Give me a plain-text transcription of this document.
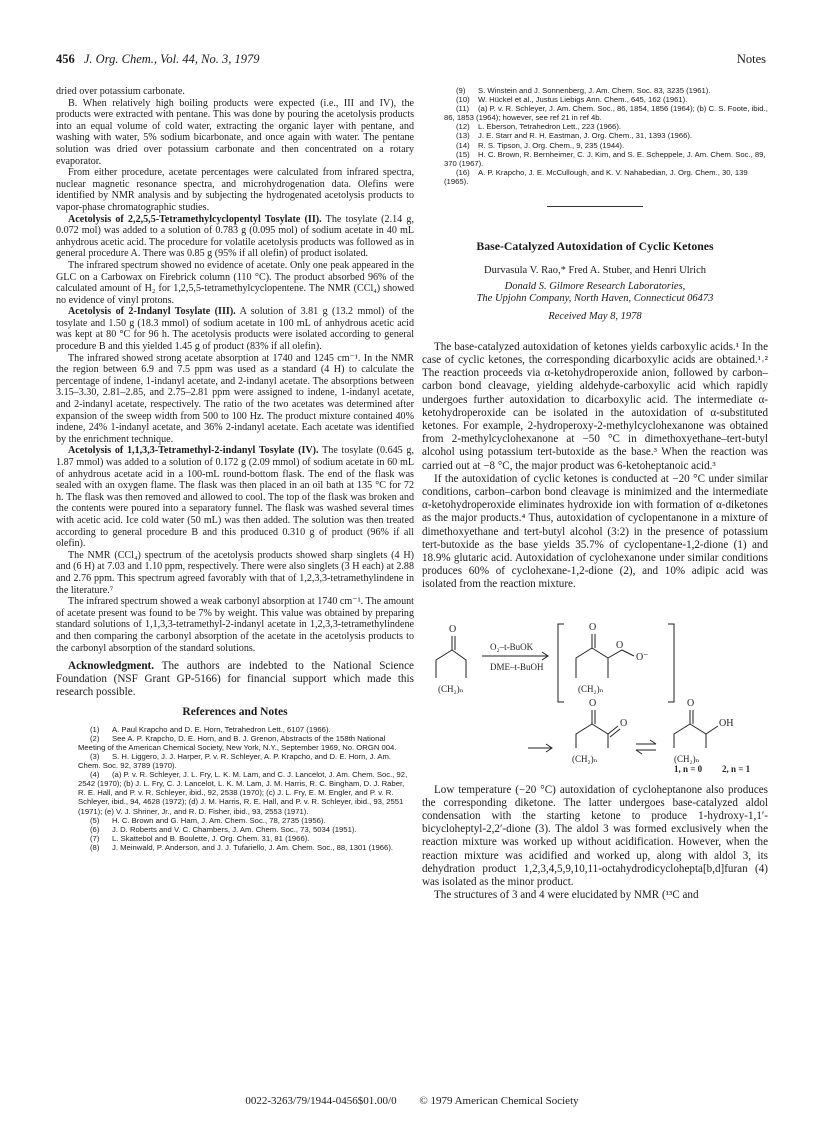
456 J. Org. Chem., Vol. 44, No. 3, 1979	Notes

dried over potassium carbonate.

B. When relatively high boiling products were expected (i.e., III and IV), the products were extracted with pentane. This was done by pouring the acetolysis products into an equal volume of cold water, extracting the organic layer with pentane, and washing with water, 5% sodium bicarbonate, and once again with water. The pentane solution was dried over potassium carbonate and then concentrated on a rotary evaporator.

From either procedure, acetate percentages were calculated from infrared spectra, nuclear magnetic resonance spectra, and microhydrogenation data. Olefins were identified by NMR analysis and by subjecting the hydrogenated acetolysis products to vapor-phase chromatographic studies.

Acetolysis of 2,2,5,5-Tetramethylcyclopentyl Tosylate (II). The tosylate (2.14 g, 0.072 mol) was added to a solution of 0.783 g (0.095 mol) of sodium acetate in 40 mL anhydrous acetic acid. The procedure for volatile acetolysis products was followed as in general procedure A. There was 0.85 g (95% if all olefin) of product isolated.

The infrared spectrum showed no evidence of acetate. Only one peak appeared in the GLC on a Carbowax on Firebrick column (110 °C). The product absorbed 96% of the calculated amount of H₂ for 1,2,5,5-tetramethylcyclopentene. The NMR (CCl₄) showed no evidence of vinyl protons.

Acetolysis of 2-Indanyl Tosylate (III). A solution of 3.81 g (13.2 mmol) of the tosylate and 1.50 g (18.3 mmol) of sodium acetate in 100 mL of anhydrous acetic acid was kept at 80 °C for 96 h. The acetolysis products were isolated according to general procedure B and this yielded 1.45 g of product (83% if all olefin).

The infrared showed strong acetate absorption at 1740 and 1245 cm⁻¹. In the NMR the region between 6.9 and 7.5 ppm was used as a standard (4 H) to calculate the percentage of indene, 1-indanyl acetate, and 2-indanyl acetate. The absorptions between 3.15–3.30, 2.81–2.85, and 2.75–2.81 ppm were assigned to indene, 1-indanyl acetate, and 2-indanyl acetate, respectively. The ratio of the two acetates was determined after expansion of the sweep width from 500 to 100 Hz. The product mixture contained 40% indene, 24% 1-indanyl acetate, and 36% 2-indanyl acetate. Each acetate was identified by the enrichment technique.

Acetolysis of 1,1,3,3-Tetramethyl-2-indanyl Tosylate (IV). The tosylate (0.645 g, 1.87 mmol) was added to a solution of 0.172 g (2.09 mmol) of sodium acetate in 60 mL of anhydrous acetate acid in a 100-mL round-bottom flask. The end of the flask was sealed with an oxygen flame. The flask was then placed in an oil bath at 135 °C for 72 h. The flask was then removed and allowed to cool. The top of the flask was broken and the contents were poured into a separatory funnel. The flask was washed several times with acetic acid. Ice cold water (50 mL) was then added. The solution was then treated according to general procedure B and this produced 0.310 g of product (96% if all olefin).

The NMR (CCl₄) spectrum of the acetolysis products showed sharp singlets (4 H) and (6 H) at 7.03 and 1.10 ppm, respectively. There were also singlets (3 H each) at 2.88 and 2.76 ppm. This spectrum agreed favorably with that of 1,2,3,3-tetramethylindene in the literature.⁷

The infrared spectrum showed a weak carbonyl absorption at 1740 cm⁻¹. The amount of acetate present was found to be 7% by weight. This value was obtained by preparing standard solutions of 1,1,3,3-tetramethyl-2-indanyl acetate in 1,2,3,3-tetramethylindene and then comparing the carbonyl absorption of the acetate in the acetolysis products to the carbonyl absorption of the standard solutions.

Acknowledgment. The authors are indebted to the National Science Foundation (NSF Grant GP-5166) for financial support which made this research possible.

References and Notes

(1) A. Paul Krapcho and D. E. Horn, Tetrahedron Lett., 6107 (1966).

(2) See A. P. Krapcho, D. E. Horn, and B. J. Grenon, Abstracts of the 158th National Meeting of the American Chemical Society, New York, N.Y., September 1969, No. ORGN 004.

(3) S. H. Liggero, J. J. Harper, P. v. R. Schleyer, A. P. Krapcho, and D. E. Horn, J. Am. Chem. Soc. 92, 3789 (1970).

(4) (a) P. v. R. Schleyer, J. L. Fry, L. K. M. Lam, and C. J. Lancelot, J. Am. Chem. Soc., 92, 2542 (1970); (b) J. L. Fry, C. J. Lancelot, L. K. M. Lam, J. M. Harris, R. C. Bingham, D. J. Raber, R. E. Hall, and P. v. R. Schleyer, ibid., 92, 2538 (1970); (c) J. L. Fry, E. M. Engler, and P. v. R. Schleyer, ibid., 94, 4628 (1972); (d) J. M. Harris, R. E. Hall, and P. v. R. Schleyer, ibid., 93, 2551 (1971); (e) V. J. Shriner, Jr., and R. D. Fisher, ibid., 93, 2553 (1971).

(5) H. C. Brown and G. Ham, J. Am. Chem. Soc., 78, 2735 (1956).

(6) J. D. Roberts and V. C. Chambers, J. Am. Chem. Soc., 73, 5034 (1951).

(7) L. Skattebol and B. Boulette, J. Org. Chem. 31, 81 (1966).

(8) J. Meinwald, P. Anderson, and J. J. Tufariello, J. Am. Chem. Soc., 88, 1301 (1966).

(9) S. Winstein and J. Sonnenberg, J. Am. Chem. Soc. 83, 3235 (1961).

(10) W. Hückel et al., Justus Liebigs Ann. Chem., 645, 162 (1961).

(11) (a) P. v. R. Schleyer, J. Am. Chem. Soc., 86, 1854, 1856 (1964); (b) C. S. Foote, ibid., 86, 1853 (1964); however, see ref 21 in ref 4b.

(12) L. Eberson, Tetrahedron Lett., 223 (1966).

(13) J. E. Starr and R. H. Eastman, J. Org. Chem., 31, 1393 (1966).

(14) R. S. Tipson, J. Org. Chem., 9, 235 (1944).

(15) H. C. Brown, R. Bernheimer, C. J. Kim, and S. E. Scheppele, J. Am. Chem. Soc., 89, 370 (1967).

(16) A. P. Krapcho, J. E. McCullough, and K. V. Nahabedian, J. Org. Chem., 30, 139 (1965).

Base-Catalyzed Autoxidation of Cyclic Ketones
Durvasula V. Rao,* Fred A. Stuber, and Henri Ulrich
Donald S. Gilmore Research Laboratories,
The Upjohn Company, North Haven, Connecticut 06473
Received May 8, 1978

The base-catalyzed autoxidation of ketones yields carboxylic acids.¹ In the case of cyclic ketones, the corresponding dicarboxylic acids are obtained.¹˒² The reaction proceeds via α-ketohydroperoxide anion, followed by carbon–carbon bond cleavage, yielding aldehyde-carboxylic acid which rapidly undergoes further autoxidation to dicarboxylic acid. The intermediate α-ketohydroperoxide can be isolated in the autoxidation of α-substituted ketones. For example, 2-hydroperoxy-2-methylcyclohexanone was obtained from 2-methylcyclohexanone at −50 °C in dimethoxyethane–tert-butyl alcohol using potassium tert-butoxide as the base.³ When the reaction was carried out at −8 °C, the major product was 6-ketoheptanoic acid.³

If the autoxidation of cyclic ketones is conducted at −20 °C under similar conditions, carbon–carbon bond cleavage is minimized and the intermediate α-ketohydroperoxide eliminates hydroxide ion with formation of α-diketones as the major products.⁴ Thus, autoxidation of cyclopentanone in a mixture of dimethoxyethane and tert-butyl alcohol (3:2) in the presence of potassium tert-butoxide as the base yields 35.7% of cyclopentane-1,2-dione (1) and 18.9% glutaric acid. Autoxidation of cyclohexanone under similar conditions produces 60% of cyclohexane-1,2-dione (2), and 10% adipic acid was isolated from the reaction mixture.

O
(CH₂)ₙ
O₂–t-BuOK
DME–t-BuOH
O
O
O⁻
(CH₂)ₙ
O
O
(CH₂)ₙ
O
OH
(CH₂)ₙ
1, n = 0 2, n = 1

Low temperature (−20 °C) autoxidation of cycloheptanone also produces the corresponding diketone. The latter undergoes base-catalyzed aldol condensation with the starting ketone to produce 1-hydroxy-1,1′-bicycloheptyl-2,2′-dione (3). The aldol 3 was formed exclusively when the reaction mixture was worked up without acidification. However, when the reaction mixture was acidified and worked up, along with aldol 3, its dehydration product 1,2,3,4,5,9,10,11-octahydrodicyclohepta[b,d]furan (4) was isolated as the minor product.

The structures of 3 and 4 were elucidated by NMR (¹³C and

0022-3263/79/1944-0456$01.00/0 © 1979 American Chemical Society
